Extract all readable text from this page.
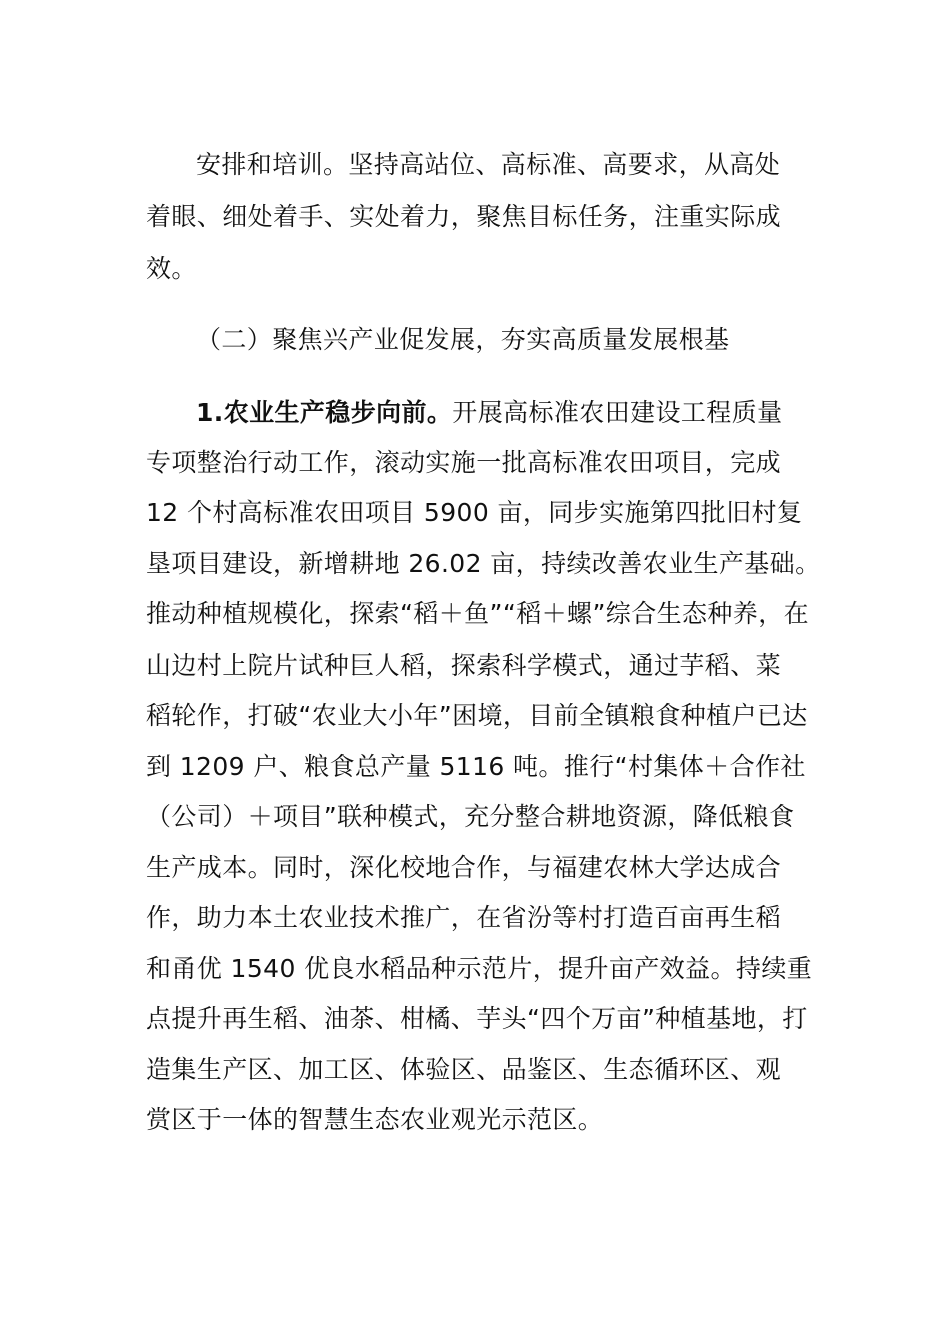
安排和培训。坚持高站位、高标准、高要求，从高处
着眼、细处着手、实处着力，聚焦目标任务，注重实际成
效。
（二）聚焦兴产业促发展，夯实高质量发展根基
1.农业生产稳步向前。开展高标准农田建设工程质量
专项整治行动工作，滚动实施一批高标准农田项目，完成
12 个村高标准农田项目 5900 亩，同步实施第四批旧村复
垦项目建设，新增耕地 26.02 亩，持续改善农业生产基础。
推动种植规模化，探索“稻＋鱼”“稻＋螺”综合生态种养，在
山边村上院片试种巨人稻，探索科学模式，通过芋稻、菜
稻轮作，打破“农业大小年”困境，目前全镇粮食种植户已达
到 1209 户、粮食总产量 5116 吨。推行“村集体＋合作社
（公司）＋项目”联种模式，充分整合耕地资源，降低粮食
生产成本。同时，深化校地合作，与福建农林大学达成合
作，助力本土农业技术推广，在省汾等村打造百亩再生稻
和甬优 1540 优良水稻品种示范片，提升亩产效益。持续重
点提升再生稻、油茶、柑橘、芋头“四个万亩”种植基地，打
造集生产区、加工区、体验区、品鉴区、生态循环区、观
赏区于一体的智慧生态农业观光示范区。
